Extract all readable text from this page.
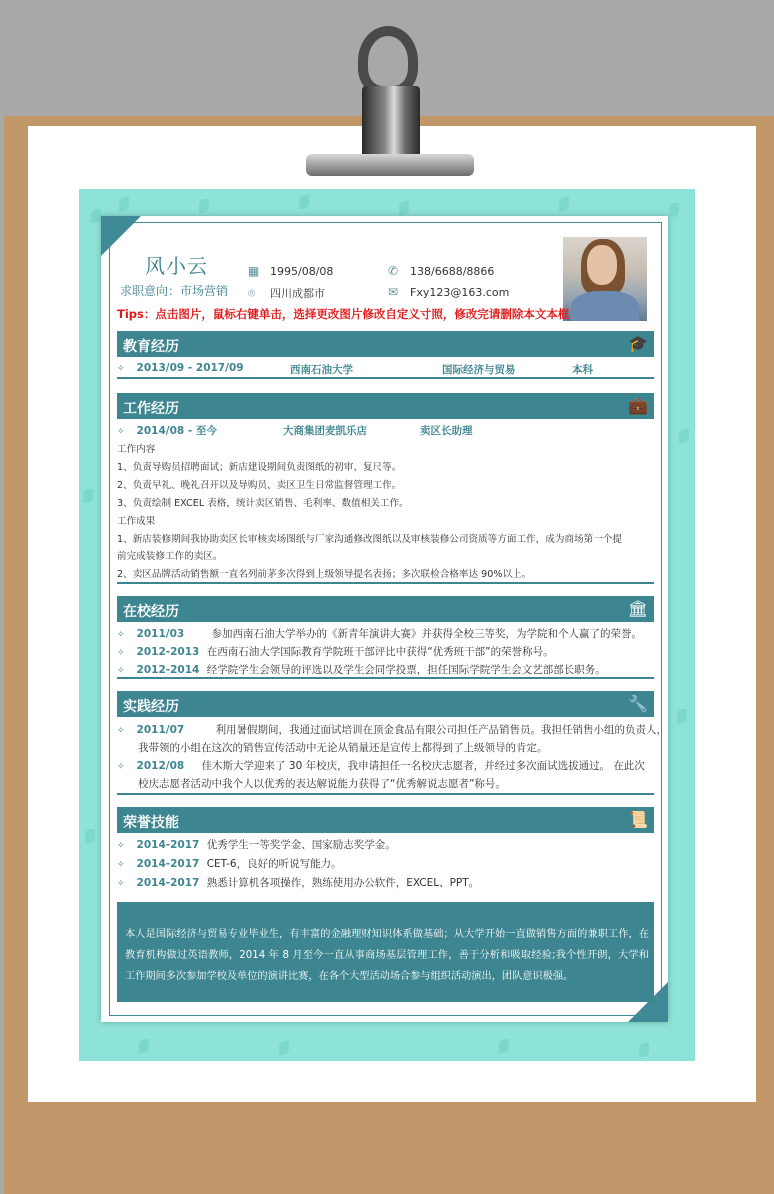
风小云
求职意向：市场营销
▦ 1995/08/08
⌾ 四川成都市
✆ 138/6688/8866
✉ Fxy123@163.com
Tips：点击图片，鼠标右键单击，选择更改图片修改自定义寸照，修改完请删除本文本框
教育经历	🎓
✧ 2013/09 - 2017/09	西南石油大学	国际经济与贸易	本科
工作经历	💼
✧ 2014/08 - 至今	大商集团麦凯乐店	卖区长助理
工作内容
1、负责导购员招聘面试；新店建设期间负责图纸的初审、复尺等。
2、负责早礼、晚礼召开以及导购员、卖区卫生日常监督管理工作。
3、负责绘制 EXCEL 表格，统计卖区销售、毛利率、数值相关工作。
工作成果
1、新店装修期间我协助卖区长审核卖场图纸与厂家沟通修改图纸以及审核装修公司资质等方面工作，成为商场第一个提
前完成装修工作的卖区。
2、卖区品牌活动销售额一直名列前茅多次得到上级领导提名表扬；多次联检合格率达 90%以上。
在校经历	🏛
✧ 2011/03	参加西南石油大学举办的《新青年演讲大赛》并获得全校三等奖，为学院和个人赢了的荣誉。
✧ 2012-2013 在西南石油大学国际教育学院班干部评比中获得“优秀班干部”的荣誉称号。
✧ 2012-2014 经学院学生会领导的评选以及学生会同学投票，担任国际学院学生会文艺部部长职务。
实践经历	🔧
✧ 2011/07	利用暑假期间，我通过面试培训在顶金食品有限公司担任产品销售员。我担任销售小组的负责人，
我带领的小组在这次的销售宣传活动中无论从销量还是宣传上都得到了上级领导的肯定。
✧ 2012/08 佳木斯大学迎来了 30 年校庆，我申请担任一名校庆志愿者，并经过多次面试选拔通过。 在此次
校庆志愿者活动中我个人以优秀的表达解说能力获得了“优秀解说志愿者”称号。
荣誉技能	📜
✧ 2014-2017 优秀学生一等奖学金、国家励志奖学金。
✧ 2014-2017 CET-6，良好的听说写能力。
✧ 2014-2017 熟悉计算机各项操作，熟练使用办公软件，EXCEL、PPT。
本人是国际经济与贸易专业毕业生，有丰富的金融理财知识体系做基础；从大学开始一直做销售方面的兼职工作，在教育机构做过英语教师，2014 年 8 月至今一直从事商场基层管理工作，善于分析和吸取经验;我个性开朗，大学和工作期间多次参加学校及单位的演讲比赛，在各个大型活动场合参与组织活动演出，团队意识极强。
